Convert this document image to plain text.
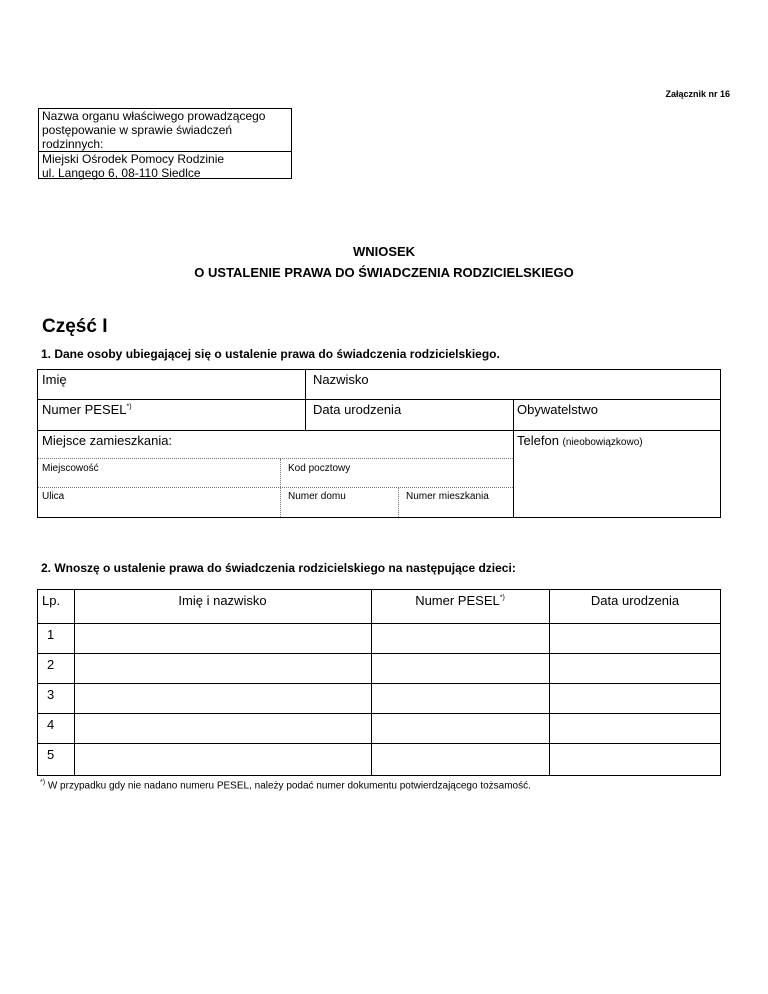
Załącznik nr 16
Nazwa organu właściwego prowadzącego
postępowanie w sprawie świadczeń rodzinnych:
Miejski Ośrodek Pomocy Rodzinie
ul. Langego 6, 08-110 Siedlce
WNIOSEK
O USTALENIE PRAWA DO ŚWIADCZENIA RODZICIELSKIEGO
Część I
1. Dane osoby ubiegającej się o ustalenie prawa do świadczenia rodzicielskiego.
Imię	Nazwisko
Numer PESEL*)	Data urodzenia	Obywatelstwo
Miejsce zamieszkania:	Telefon (nieobowiązkowo)
Miejscowość	Kod pocztowy
Ulica	Numer domu	Numer mieszkania
2. Wnoszę o ustalenie prawa do świadczenia rodzicielskiego na następujące dzieci:
Lp.	Imię i nazwisko	Numer PESEL*)	Data urodzenia
1
2
3
4
5
*) W przypadku gdy nie nadano numeru PESEL, należy podać numer dokumentu potwierdzającego tożsamość.
